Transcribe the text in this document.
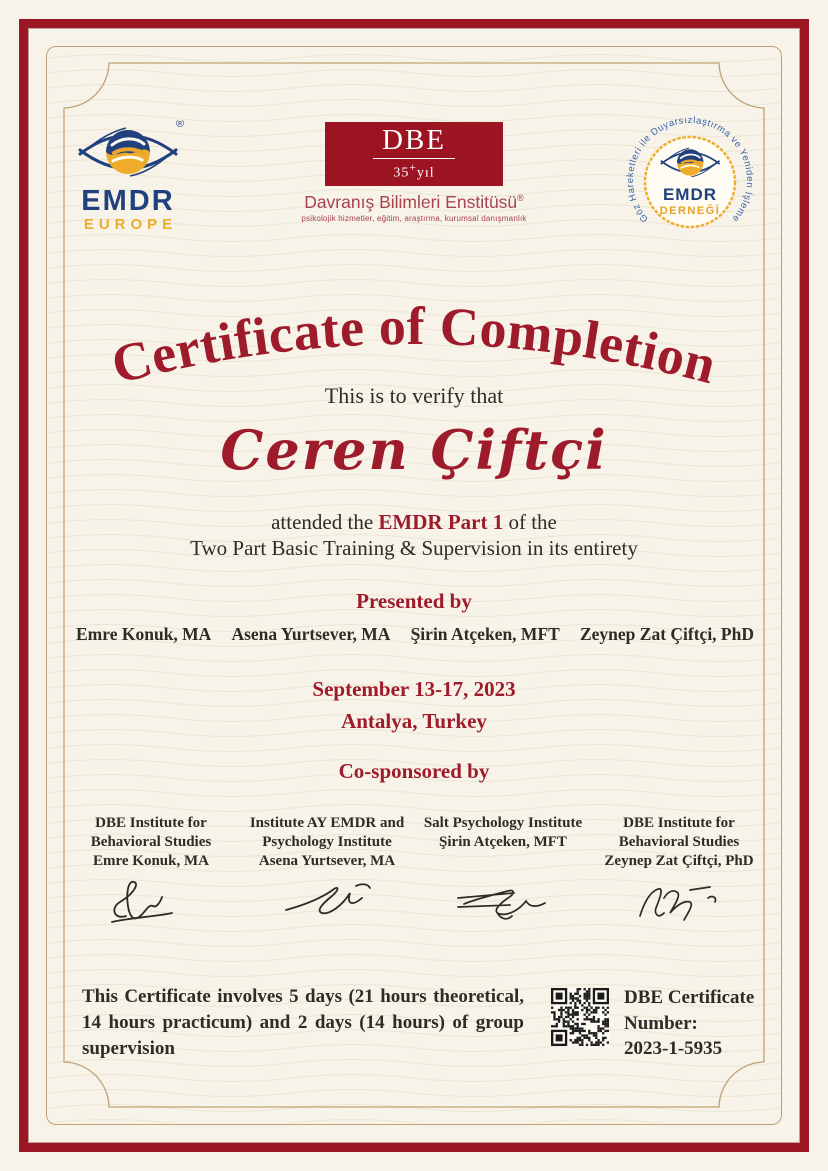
®
EMDR
EUROPE
DBE
35+yıl
Davranış Bilimleri Enstitüsü®
psikolojik hizmetler, eğitim, araştırma, kurumsal danışmanlık	Göz Hareketleri ile Duyarsızlaştırma ve Yeniden İşleme
EMDR
DERNEĞİ
Certificate of Completion
This is to verify that
Ceren Çiftçi
attended the EMDR Part 1 of the
Two Part Basic Training & Supervision in its entirety
Presented by
Emre Konuk, MA Asena Yurtsever, MA Şirin Atçeken, MFT Zeynep Zat Çiftçi, PhD
September 13-17, 2023
Antalya, Turkey
Co-sponsored by
DBE Institute for
Behavioral Studies
Emre Konuk, MA
Institute AY EMDR and
Psychology Institute
Asena Yurtsever, MA
Salt Psychology Institute
Şirin Atçeken, MFT
DBE Institute for
Behavioral Studies
Zeynep Zat Çiftçi, PhD
This Certificate involves 5 days (21 hours theoretical, 14 hours practicum) and 2 days (14 hours) of group supervision
DBE Certificate Number:
2023-1-5935
